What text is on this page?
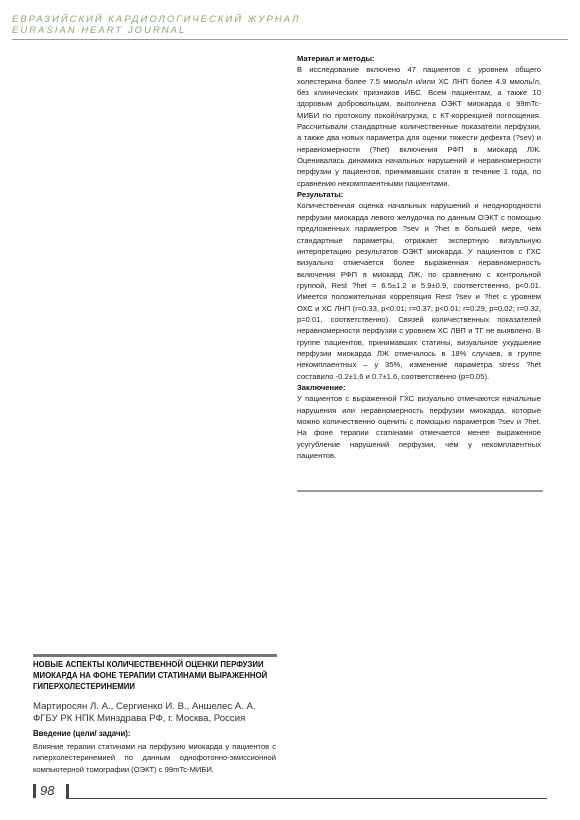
ЕВРАЗИЙСКИЙ КАРДИОЛОГИЧЕСКИЙ ЖУРНАЛ
EURASIAN HEART JOURNAL
Материал и методы:

В исследование включено 47 пациентов с уровнем общего холестерина более 7.5 ммоль/л и/или ХС ЛНП более 4.9 ммоль/л, без клинических признаков ИБС. Всем пациентам, а также 10 здоровым добровольцам, выполнена ОЭКТ миокарда с 99mTc-МИБИ по протоколу покой/нагрузка, с КТ-коррекцией поглощения. Рассчитывали стандартные количественные показатели перфузии, а также два новых параметра для оценки тяжести дефекта (?sev) и неравномерности (?het) включения РФП в миокард ЛЖ. Оценивалась динамика начальных нарушений и неравномерности перфузии у пациентов, принимавших статин в течение 1 года, по сравнению некомплаентными пациентами.

Результаты:

Количественная оценка начальных нарушений и неоднородности перфузии миокарда левого желудочка по данным ОЭКТ с помощью предложенных параметров ?sev и ?het в большей мере, чем стандартные параметры, отражает экспертную визуальную интерпретацию результатов ОЭКТ миокарда. У пациентов с ГХС визуально отмечается более выраженная неравномерность включения РФП в миокард ЛЖ, по сравнению с контрольной группой, Rest ?het = 6.5±1.2 и 5.9±0.9, соответственно, p<0.01. Имеется положительная корреляция Rest ?sev и ?het с уровнем ОХС и ХС ЛНП (r=0.33, p<0.01; r=0.37, p<0.01; r=0.29, p=0.02; r=0.32, p=0.01, соответственно). Связей количественных показателей неравномерности перфузии с уровнем ХС ЛВП и ТГ не выявлено. В группе пациентов, принимавших статины, визуальное ухудшение перфузии миокарда ЛЖ отмечалось в 18% случаев, в группе некомплаентных – у 35%, изменение параметра stress ?het составило -0.2±1,6 и 0.7±1.6, соответственно (p=0.05).

Заключение:

У пациентов с выраженной ГХС визуально отмечаются начальные нарушения или неравномерность перфузии миокарда, которые можно количественно оценить с помощью параметров ?sev и ?het. На фоне терапии статинами отмечается менее выраженное усугубление нарушений перфузии, чем у некомплаентных пациентов.

НОВЫЕ АСПЕКТЫ КОЛИЧЕСТВЕННОЙ ОЦЕНКИ ПЕРФУЗИИ МИОКАРДА НА ФОНЕ ТЕРАПИИ СТАТИНАМИ ВЫРАЖЕННОЙ ГИПЕРХОЛЕСТЕРИНЕМИИ
Мартиросян Л. А., Сергиенко И. В., Аншелес А. А.
ФГБУ РК НПК Минздрава РФ, г. Москва, Россия
Введение (цели/ задачи):
Влияние терапии статинами на перфузию миокарда у пациентов с гиперхолестеринемией по данным однофотонно-эмиссионной компьютерной томографии (ОЭКТ) с 99mTc-МИБИ.
98
